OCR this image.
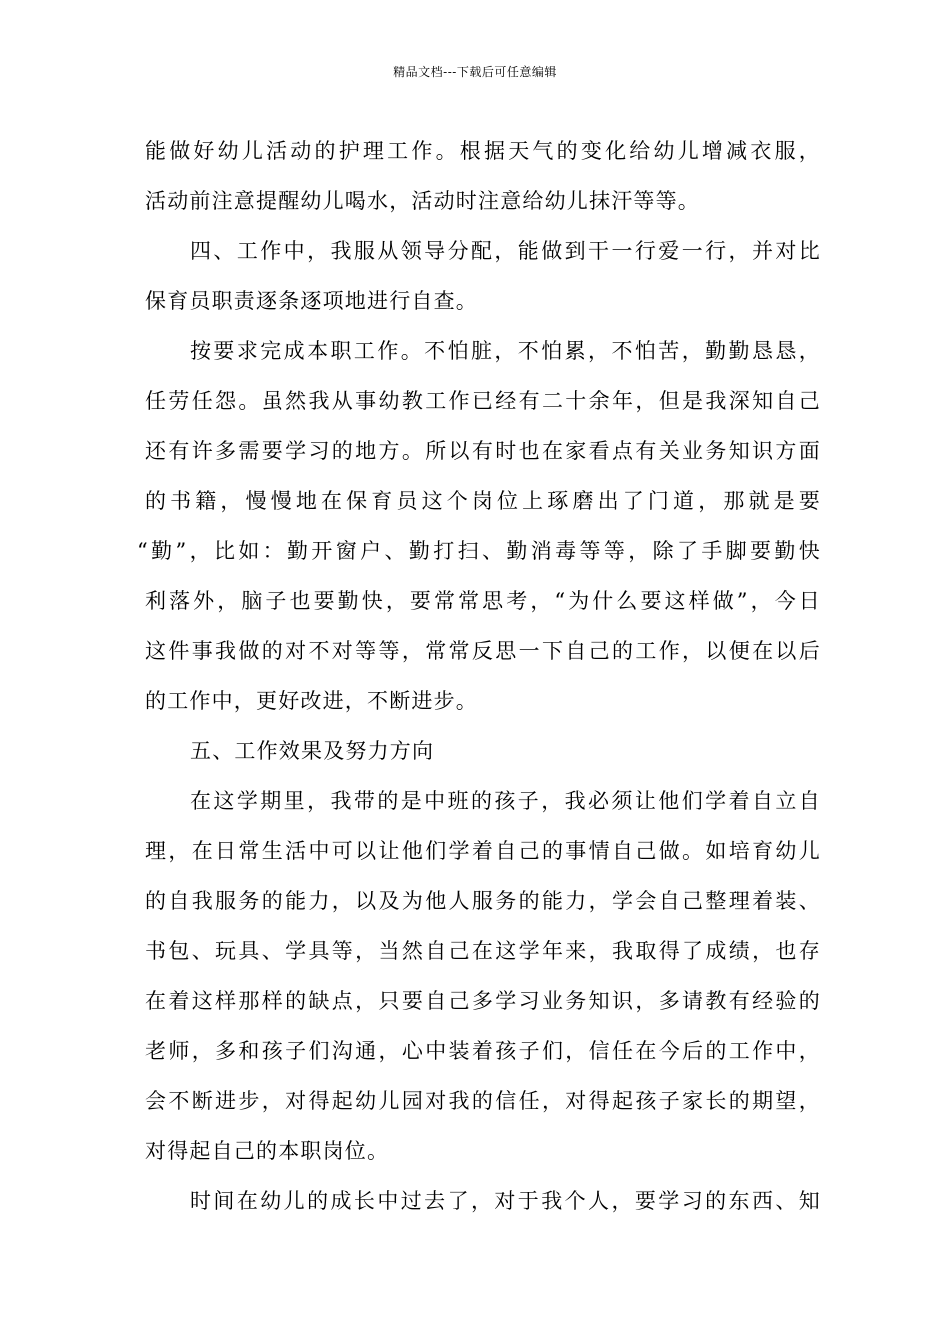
精品文档---下载后可任意编辑
能做好幼儿活动的护理工作。根据天气的变化给幼儿增减衣服，
活动前注意提醒幼儿喝水，活动时注意给幼儿抹汗等等。
四、工作中，我服从领导分配，能做到干一行爱一行，并对比
保育员职责逐条逐项地进行自查。
按要求完成本职工作。不怕脏，不怕累，不怕苦，勤勤恳恳，
任劳任怨。虽然我从事幼教工作已经有二十余年，但是我深知自己
还有许多需要学习的地方。所以有时也在家看点有关业务知识方面
的书籍，慢慢地在保育员这个岗位上琢磨出了门道，那就是要
“勤”，比如：勤开窗户、勤打扫、勤消毒等等，除了手脚要勤快
利落外，脑子也要勤快，要常常思考，“为什么要这样做”，今日
这件事我做的对不对等等，常常反思一下自己的工作，以便在以后
的工作中，更好改进，不断进步。
五、工作效果及努力方向
在这学期里，我带的是中班的孩子，我必须让他们学着自立自
理，在日常生活中可以让他们学着自己的事情自己做。如培育幼儿
的自我服务的能力，以及为他人服务的能力，学会自己整理着装、
书包、玩具、学具等，当然自己在这学年来，我取得了成绩，也存
在着这样那样的缺点，只要自己多学习业务知识，多请教有经验的
老师，多和孩子们沟通，心中装着孩子们，信任在今后的工作中，
会不断进步，对得起幼儿园对我的信任，对得起孩子家长的期望，
对得起自己的本职岗位。
时间在幼儿的成长中过去了，对于我个人，要学习的东西、知
